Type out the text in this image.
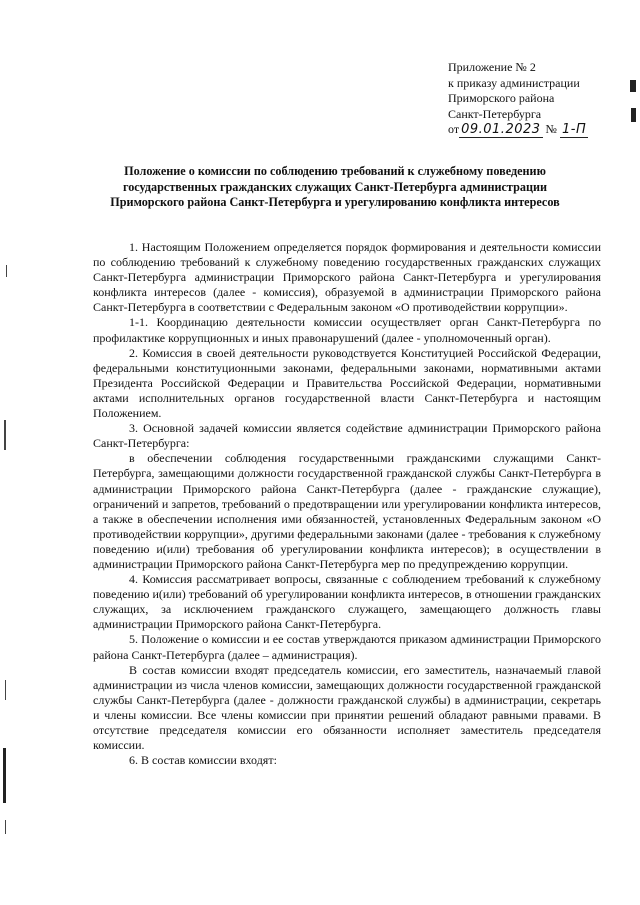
Приложение № 2
к приказу администрации
Приморского района
Санкт-Петербурга
от 09.01.2023 № 1-П
Положение о комиссии по соблюдению требований к служебному поведению государственных гражданских служащих Санкт-Петербурга администрации Приморского района Санкт-Петербурга и урегулированию конфликта интересов

1. Настоящим Положением определяется порядок формирования и деятельности комиссии по соблюдению требований к служебному поведению государственных гражданских служащих Санкт-Петербурга администрации Приморского района Санкт-Петербурга и урегулирования конфликта интересов (далее - комиссия), образуемой в администрации Приморского района Санкт-Петербурга в соответствии с Федеральным законом «О противодействии коррупции».

1-1. Координацию деятельности комиссии осуществляет орган Санкт-Петербурга по профилактике коррупционных и иных правонарушений (далее - уполномоченный орган).

2. Комиссия в своей деятельности руководствуется Конституцией Российской Федерации, федеральными конституционными законами, федеральными законами, нормативными актами Президента Российской Федерации и Правительства Российской Федерации, нормативными актами исполнительных органов государственной власти Санкт-Петербурга и настоящим Положением.

3. Основной задачей комиссии является содействие администрации Приморского района Санкт-Петербурга:

в обеспечении соблюдения государственными гражданскими служащими Санкт-Петербурга, замещающими должности государственной гражданской службы Санкт-Петербурга в администрации Приморского района Санкт-Петербурга (далее - гражданские служащие), ограничений и запретов, требований о предотвращении или урегулировании конфликта интересов, а также в обеспечении исполнения ими обязанностей, установленных Федеральным законом «О противодействии коррупции», другими федеральными законами (далее - требования к служебному поведению и(или) требования об урегулировании конфликта интересов); в осуществлении в администрации Приморского района Санкт-Петербурга мер по предупреждению коррупции.

4. Комиссия рассматривает вопросы, связанные с соблюдением требований к служебному поведению и(или) требований об урегулировании конфликта интересов, в отношении гражданских служащих, за исключением гражданского служащего, замещающего должность главы администрации Приморского района Санкт-Петербурга.

5. Положение о комиссии и ее состав утверждаются приказом администрации Приморского района Санкт-Петербурга (далее – администрация).

В состав комиссии входят председатель комиссии, его заместитель, назначаемый главой администрации из числа членов комиссии, замещающих должности государственной гражданской службы Санкт-Петербурга (далее - должности гражданской службы) в администрации, секретарь и члены комиссии. Все члены комиссии при принятии решений обладают равными правами. В отсутствие председателя комиссии его обязанности исполняет заместитель председателя комиссии.

6. В состав комиссии входят:
